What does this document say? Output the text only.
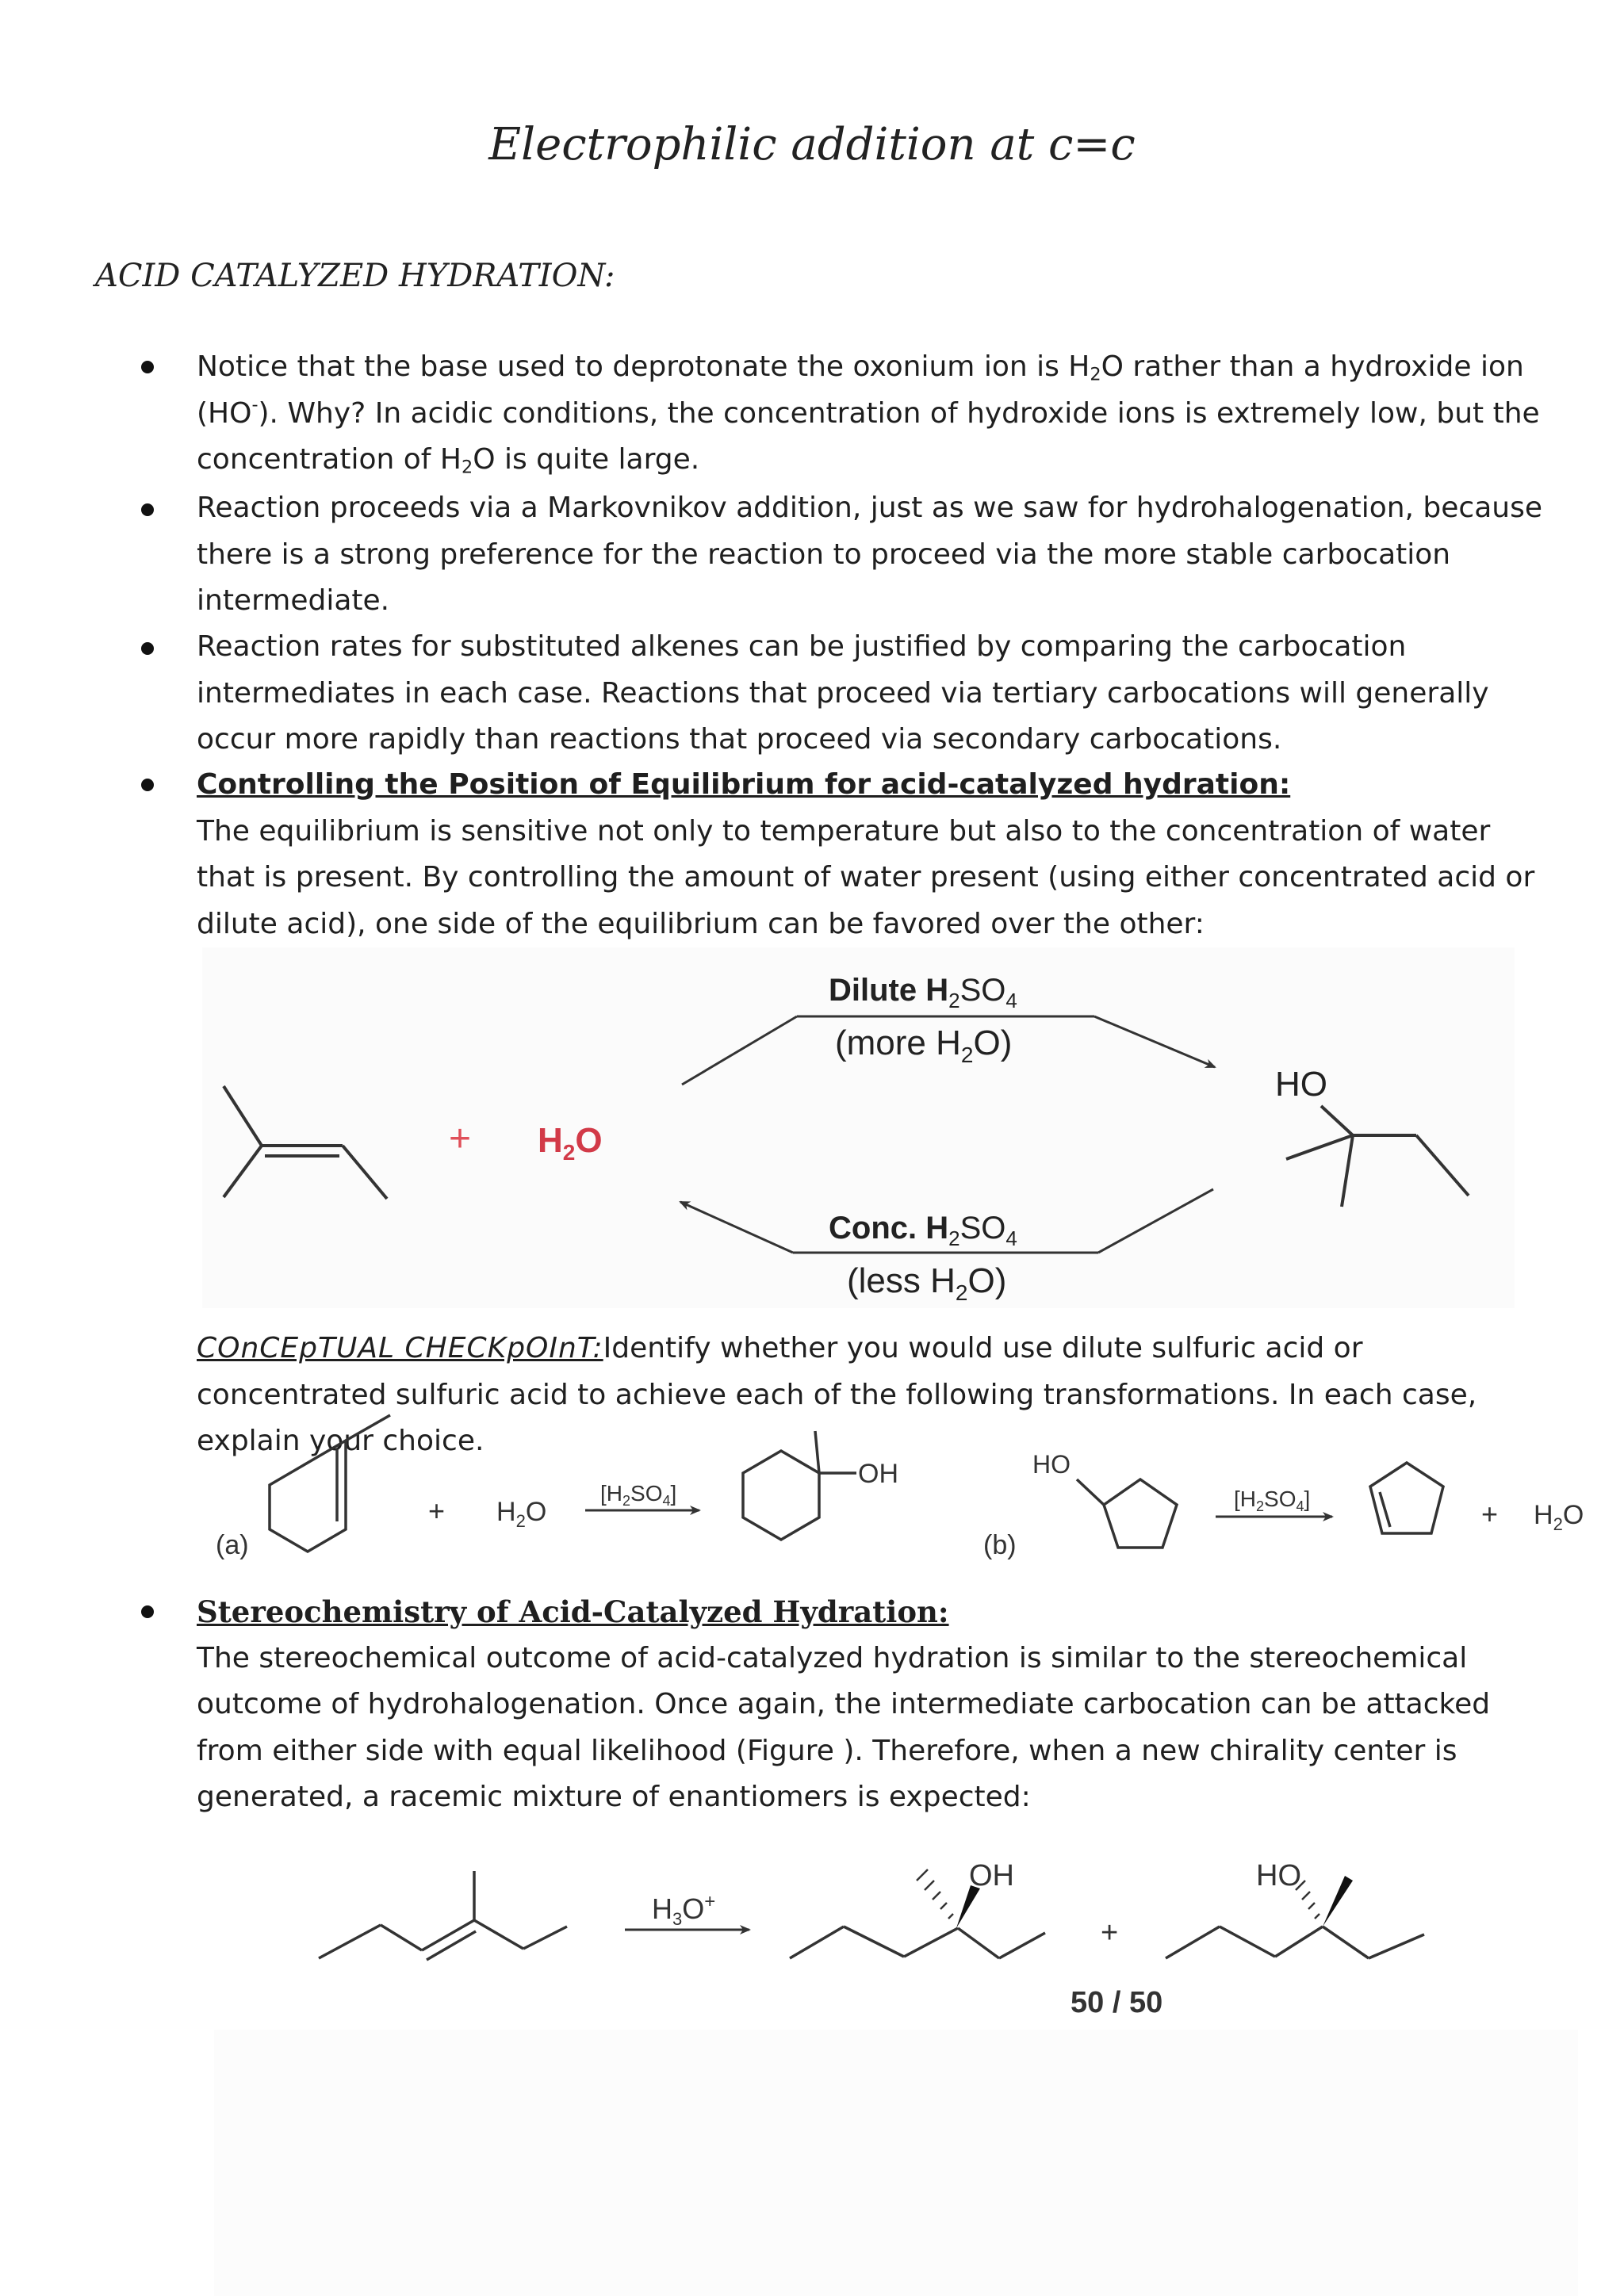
Electrophilic addition at c=c
ACID CATALYZED HYDRATION:
Notice that the base used to deprotonate the oxonium ion is $H_2O$ rather than a hydroxide ion (HO-). Why? In acidic conditions, the concentration of hydroxide ions is extremely low, but the concentration of $H_2O$ is quite large.
Reaction proceeds via a Markovnikov addition, just as we saw for hydrohalogenation, because there is a strong preference for the reaction to proceed via the more stable carbocation intermediate.
Reaction rates for substituted alkenes can be justified by comparing the carbocation intermediates in each case. Reactions that proceed via tertiary carbocations will generally occur more rapidly than reactions that proceed via secondary carbocations.
Controlling the Position of Equilibrium for acid-catalyzed hydration:
The equilibrium is sensitive not only to temperature but also to the concentration of water that is present. By controlling the amount of water present (using either concentrated acid or dilute acid), one side of the equilibrium can be favored over the other:
+ $H_2O$
Dilute $H_2SO_4$
(more $H_2O$)
Conc. $H_2SO_4$
(less $H_2O$)
HO
COnCEpTUAL CHECKpOInT:Identify whether you would use dilute sulfuric acid or concentrated sulfuric acid to achieve each of the following transformations. In each case, explain your choice.
(a)
+ $H_2O$
$[H_2SO_4]$
OH
(b)
HO
$[H_2SO_4]$	+ $H_2O$
Stereochemistry of Acid-Catalyzed Hydration:
The stereochemical outcome of acid-catalyzed hydration is similar to the stereochemical outcome of hydrohalogenation. Once again, the intermediate carbocation can be attacked from either side with equal likelihood (Figure ). Therefore, when a new chirality center is generated, a racemic mixture of enantiomers is expected:
$H_3O^+$
OH
+
HO
50 / 50
